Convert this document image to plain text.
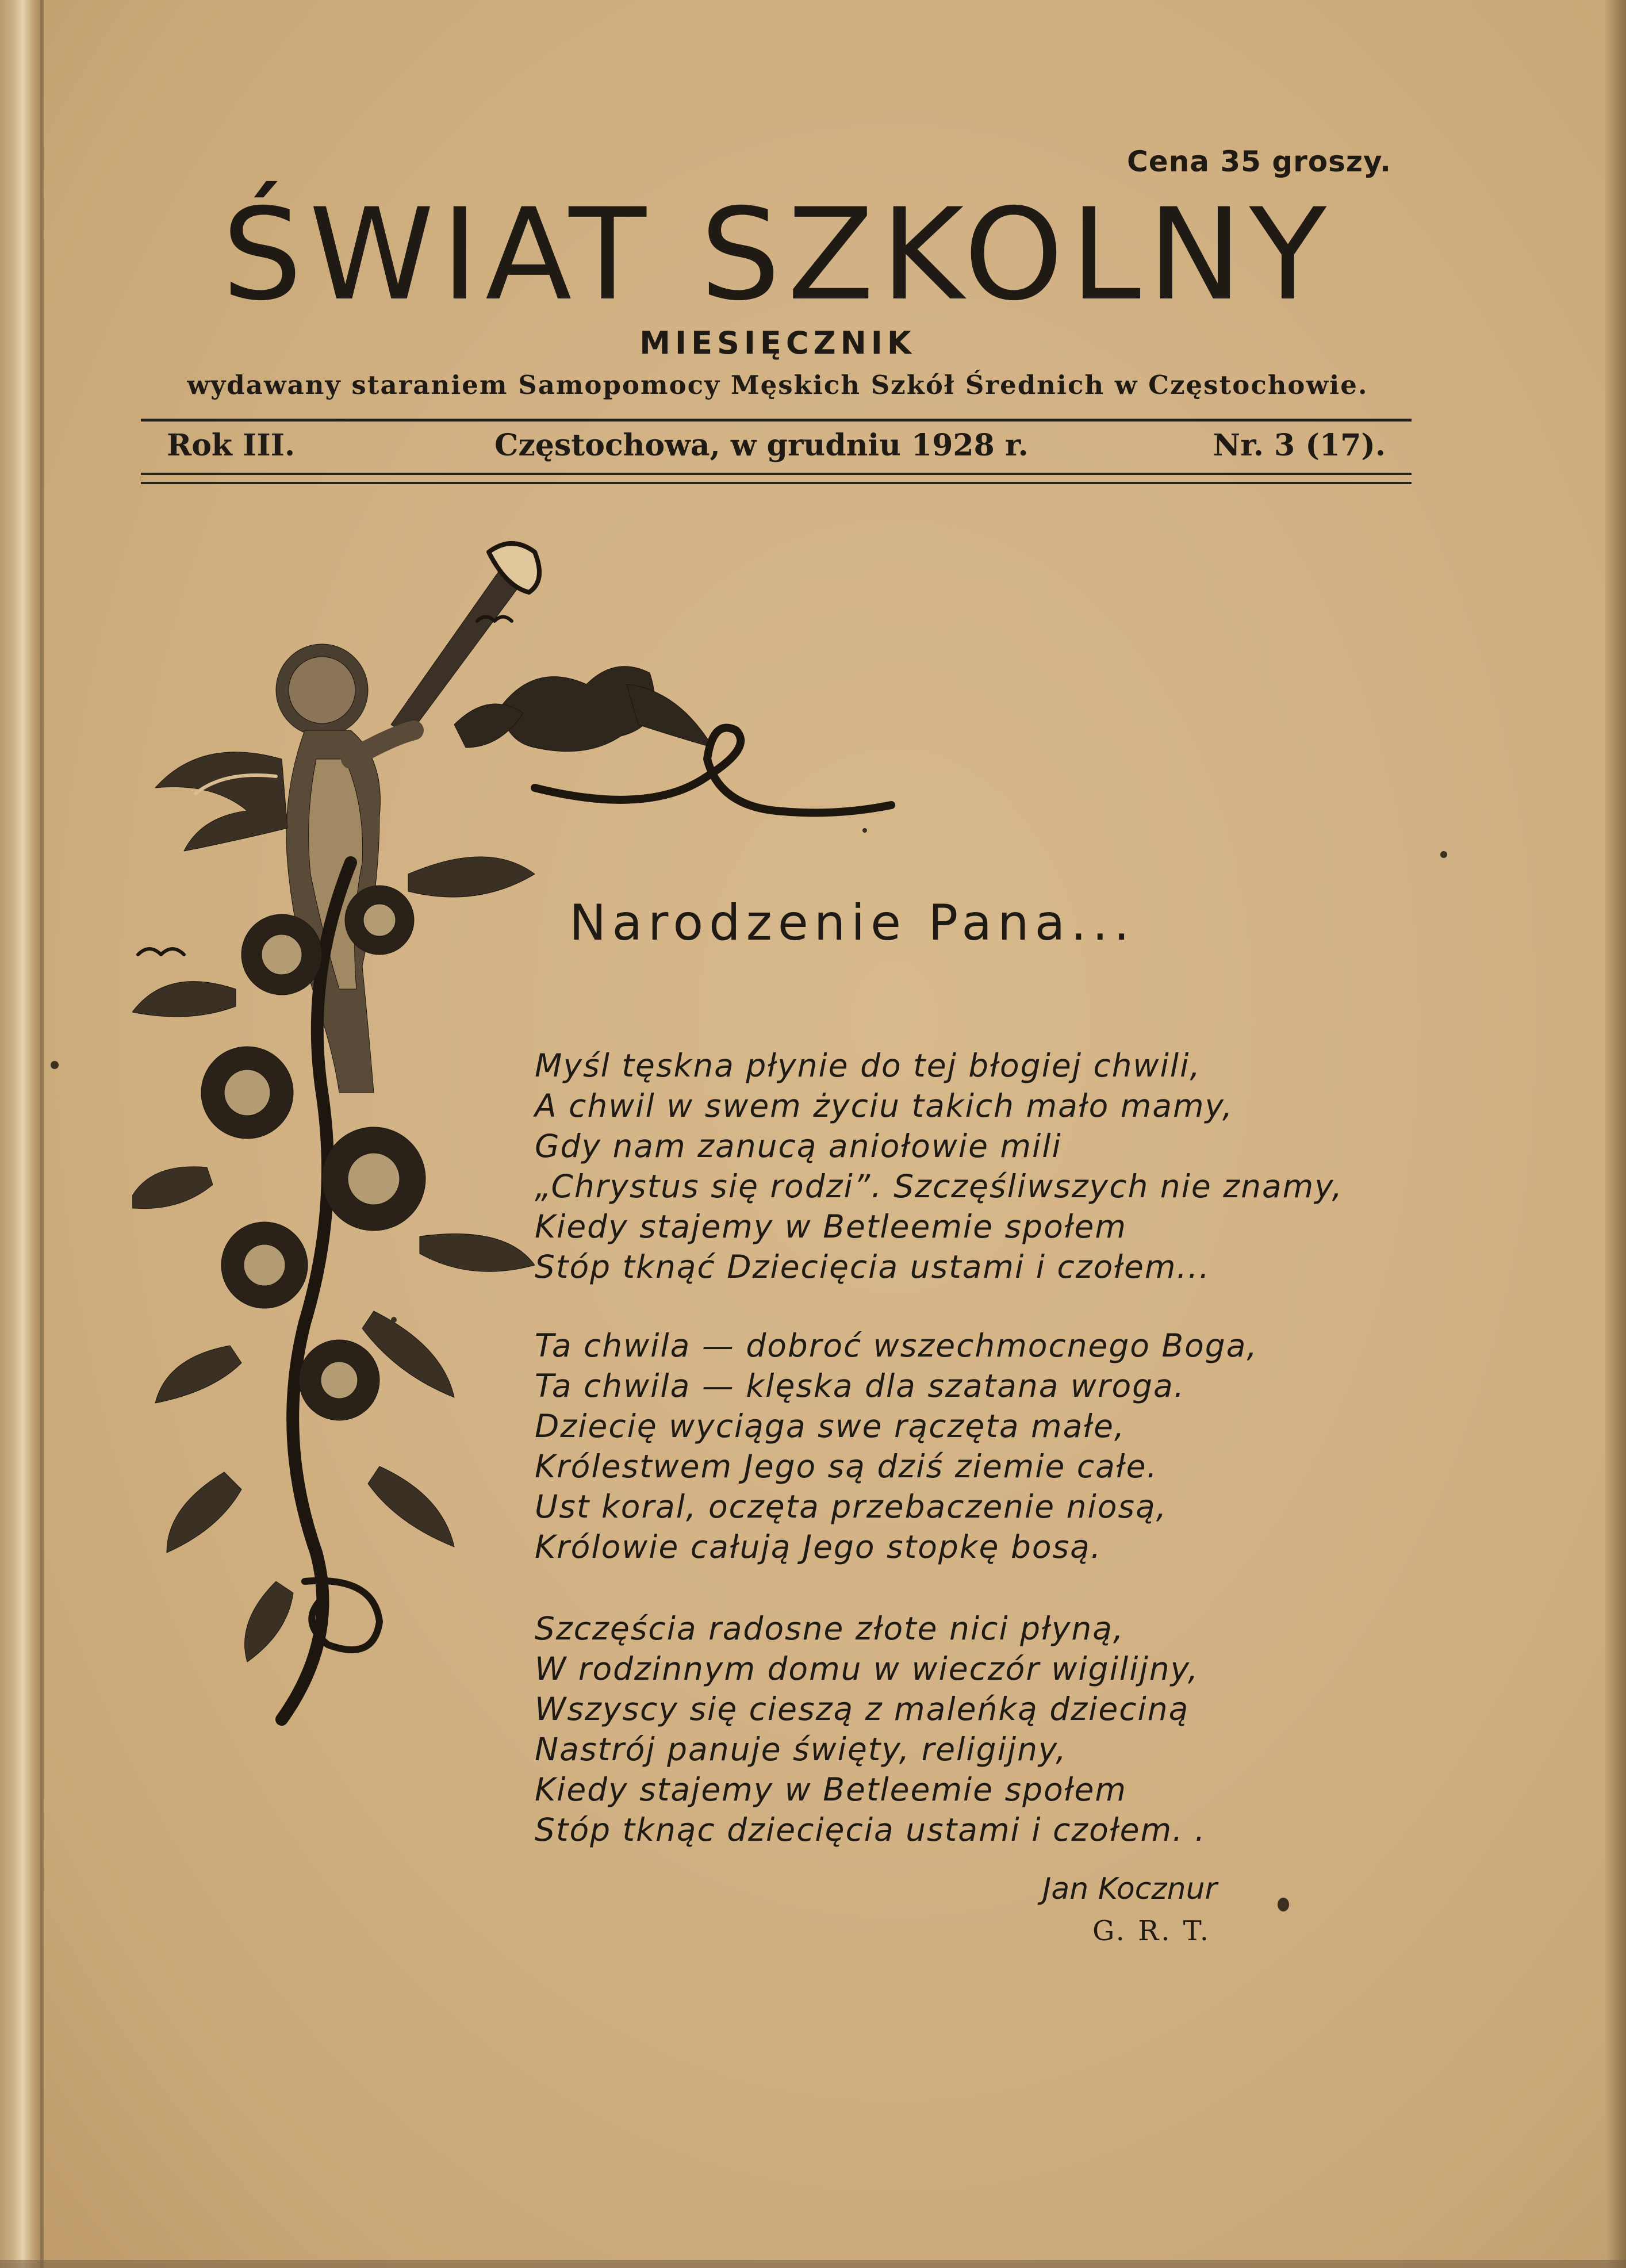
Cena 35 groszy.
ŚWIAT SZKOLNY
MIESIĘCZNIK
wydawany staraniem Samopomocy Męskich Szkół Średnich w Częstochowie.
Rok III.	Częstochowa, w grudniu 1928 r.	Nr. 3 (17).
Narodzenie Pana...
Myśl tęskna płynie do tej błogiej chwili,
A chwil w swem życiu takich mało mamy,
Gdy nam zanucą aniołowie mili
„Chrystus się rodzi”. Szczęśliwszych nie znamy,
Kiedy stajemy w Betleemie społem
Stóp tknąć Dziecięcia ustami i czołem...
Ta chwila — dobroć wszechmocnego Boga,
Ta chwila — klęska dla szatana wroga.
Dziecię wyciąga swe rączęta małe,
Królestwem Jego są dziś ziemie całe.
Ust koral, oczęta przebaczenie niosą,
Królowie całują Jego stopkę bosą.
Szczęścia radosne złote nici płyną,
W rodzinnym domu w wieczór wigilijny,
Wszyscy się cieszą z maleńką dzieciną
Nastrój panuje święty, religijny,
Kiedy stajemy w Betleemie społem
Stóp tknąc dziecięcia ustami i czołem. .
Jan Kocznur
G. R. T.
